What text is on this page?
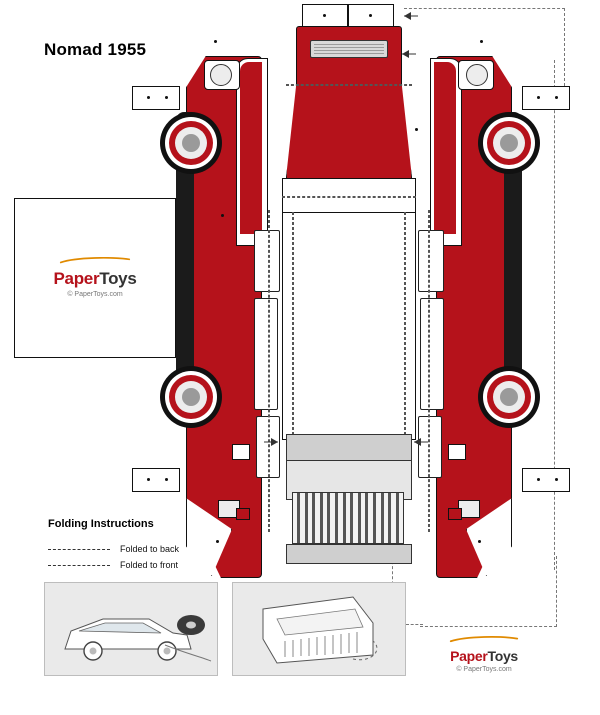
Nomad 1955
PaperToys
© PaperToys.com
Folding Instructions
Folded to back
Folded to front
PaperToys
© PaperToys.com
